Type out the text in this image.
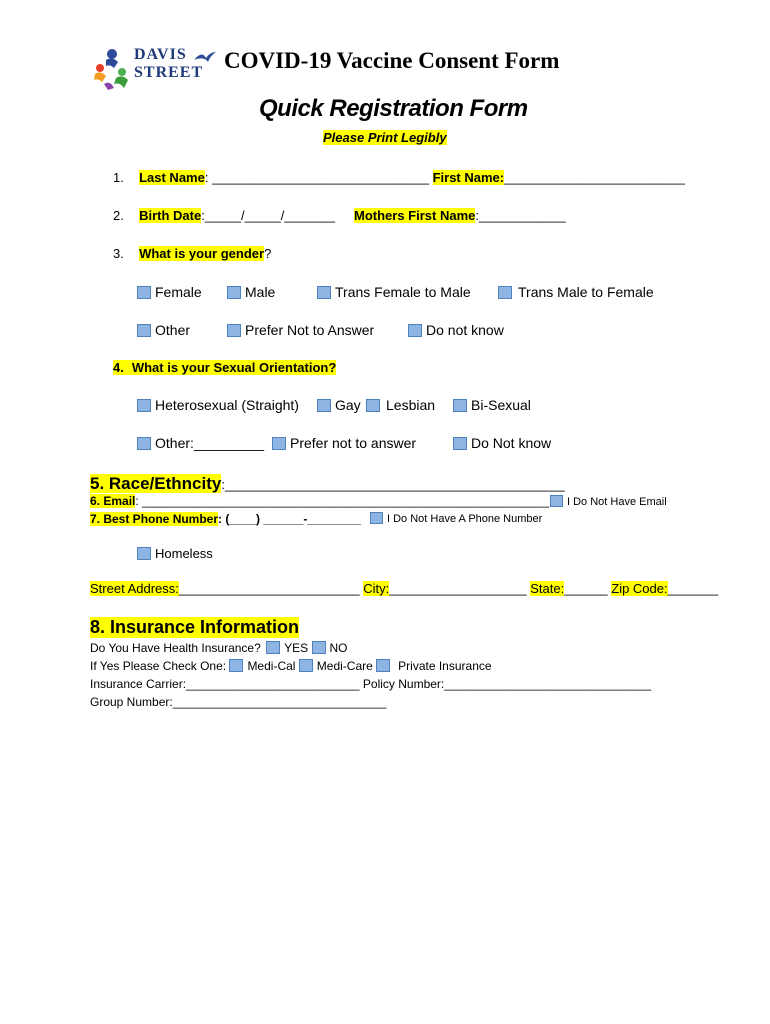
DAVIS
STREET COVID-19 Vaccine Consent Form
Quick Registration Form
Please Print Legibly
1. Last Name: ______________________________ First Name:_________________________
2. Birth Date:_____/_____/_______ Mothers First Name:____________
3. What is your gender?
Female	Male	Trans Female to Male	Trans Male to Female
Other	Prefer Not to Answer	Do not know
4. What is your Sexual Orientation?
Heterosexual (Straight)	Gay	Lesbian	Bi-Sexual
Other:_________	Prefer not to answer	Do Not know
5. Race/Ethncity:_______________________________________________
6. Email: _____________________________________________________________	I Do Not Have Email
7. Best Phone Number: (____) ______-________	I Do Not Have A Phone Number
Homeless
Street Address:_________________________ City:___________________ State:______ Zip Code:_______
8. Insurance Information
Do You Have Health Insurance? YES NO
If Yes Please Check One: Medi-Cal Medi-Care Private Insurance
Insurance Carrier:__________________________ Policy Number:_______________________________
Group Number:________________________________
